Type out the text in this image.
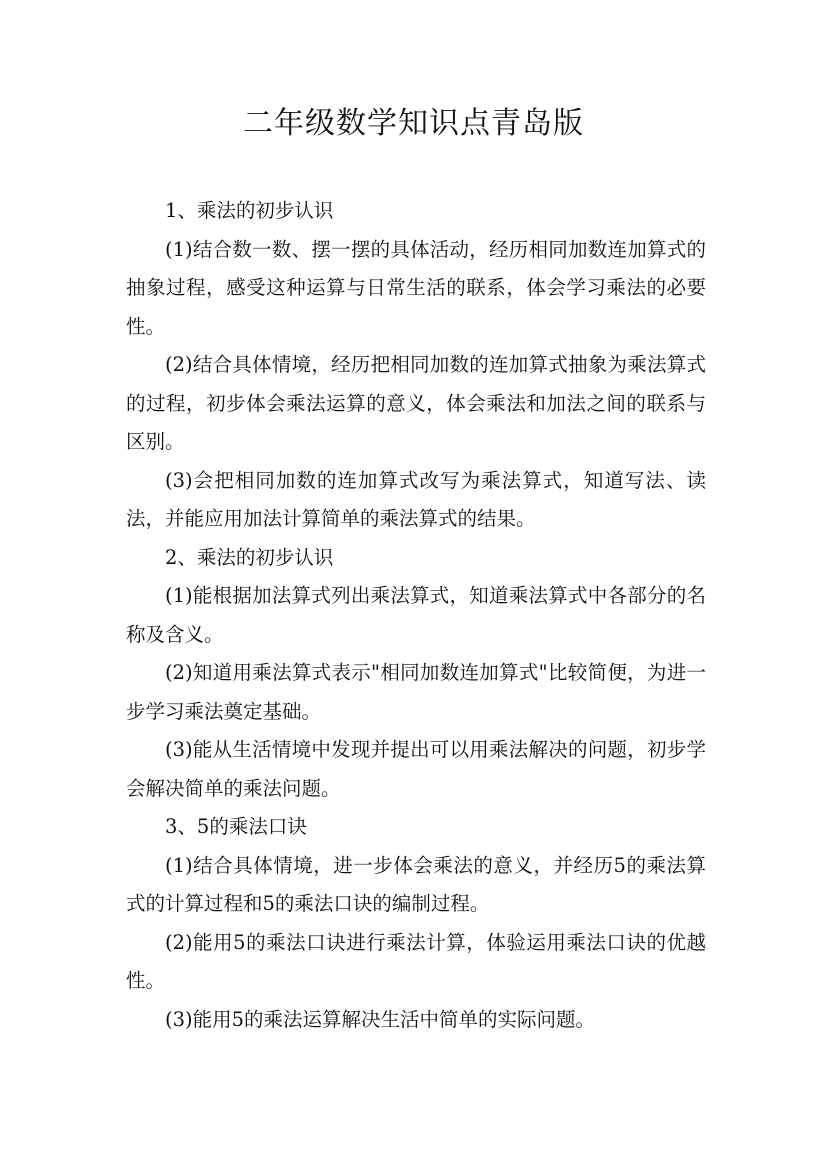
二年级数学知识点青岛版

1、乘法的初步认识

(1)结合数一数、摆一摆的具体活动，经历相同加数连加算式的抽象过程，感受这种运算与日常生活的联系，体会学习乘法的必要性。

(2)结合具体情境，经历把相同加数的连加算式抽象为乘法算式的过程，初步体会乘法运算的意义，体会乘法和加法之间的联系与区别。

(3)会把相同加数的连加算式改写为乘法算式，知道写法、读法，并能应用加法计算简单的乘法算式的结果。

2、乘法的初步认识

(1)能根据加法算式列出乘法算式，知道乘法算式中各部分的名称及含义。

(2)知道用乘法算式表示"相同加数连加算式"比较简便，为进一步学习乘法奠定基础。

(3)能从生活情境中发现并提出可以用乘法解决的问题，初步学会解决简单的乘法问题。

3、5的乘法口诀

(1)结合具体情境，进一步体会乘法的意义，并经历5的乘法算式的计算过程和5的乘法口诀的编制过程。

(2)能用5的乘法口诀进行乘法计算，体验运用乘法口诀的优越性。

(3)能用5的乘法运算解决生活中简单的实际问题。
